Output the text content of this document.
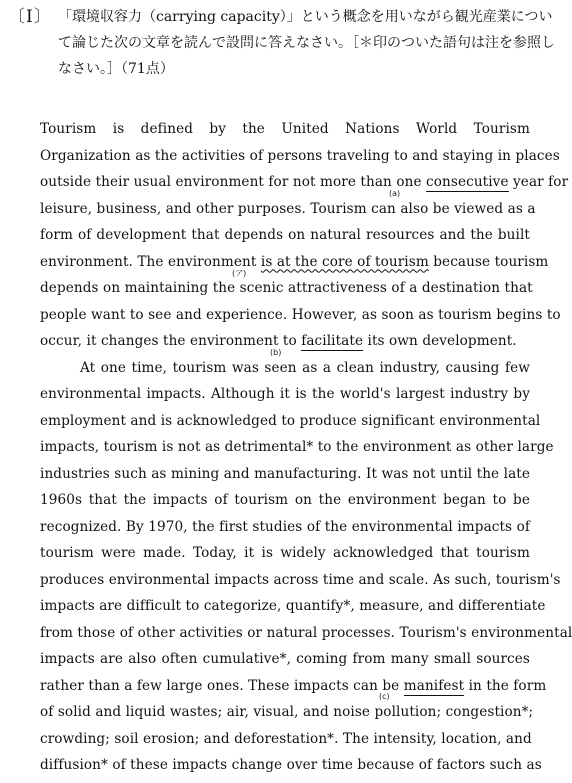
〔Ⅰ〕 「環境収容力（carrying capacity）」という概念を用いながら観光産業につい
て論じた次の文章を読んで設問に答えなさい。［＊印のついた語句は注を参照し
なさい。］（71点）
Tourism is defined by the United Nations World Tourism
Organization as the activities of persons traveling to and staying in places
outside their usual environment for not more than one consecutive year for
leisure, business, and other purposes. Tourism can also be viewed as a
form of development that depends on natural resources and the built
environment. The environment is at the core of tourism because tourism
depends on maintaining the scenic attractiveness of a destination that
people want to see and experience. However, as soon as tourism begins to
occur, it changes the environment to facilitate its own development.
At one time, tourism was seen as a clean industry, causing few
environmental impacts. Although it is the world's largest industry by
employment and is acknowledged to produce significant environmental
impacts, tourism is not as detrimental* to the environment as other large
industries such as mining and manufacturing. It was not until the late
1960s that the impacts of tourism on the environment began to be
recognized. By 1970, the first studies of the environmental impacts of
tourism were made. Today, it is widely acknowledged that tourism
produces environmental impacts across time and scale. As such, tourism's
impacts are difficult to categorize, quantify*, measure, and differentiate
from those of other activities or natural processes. Tourism's environmental
impacts are also often cumulative*, coming from many small sources
rather than a few large ones. These impacts can be manifest in the form
of solid and liquid wastes; air, visual, and noise pollution; congestion*;
crowding; soil erosion; and deforestation*. The intensity, location, and
diffusion* of these impacts change over time because of factors such as
(a)
(ア)
(b)
(c)
